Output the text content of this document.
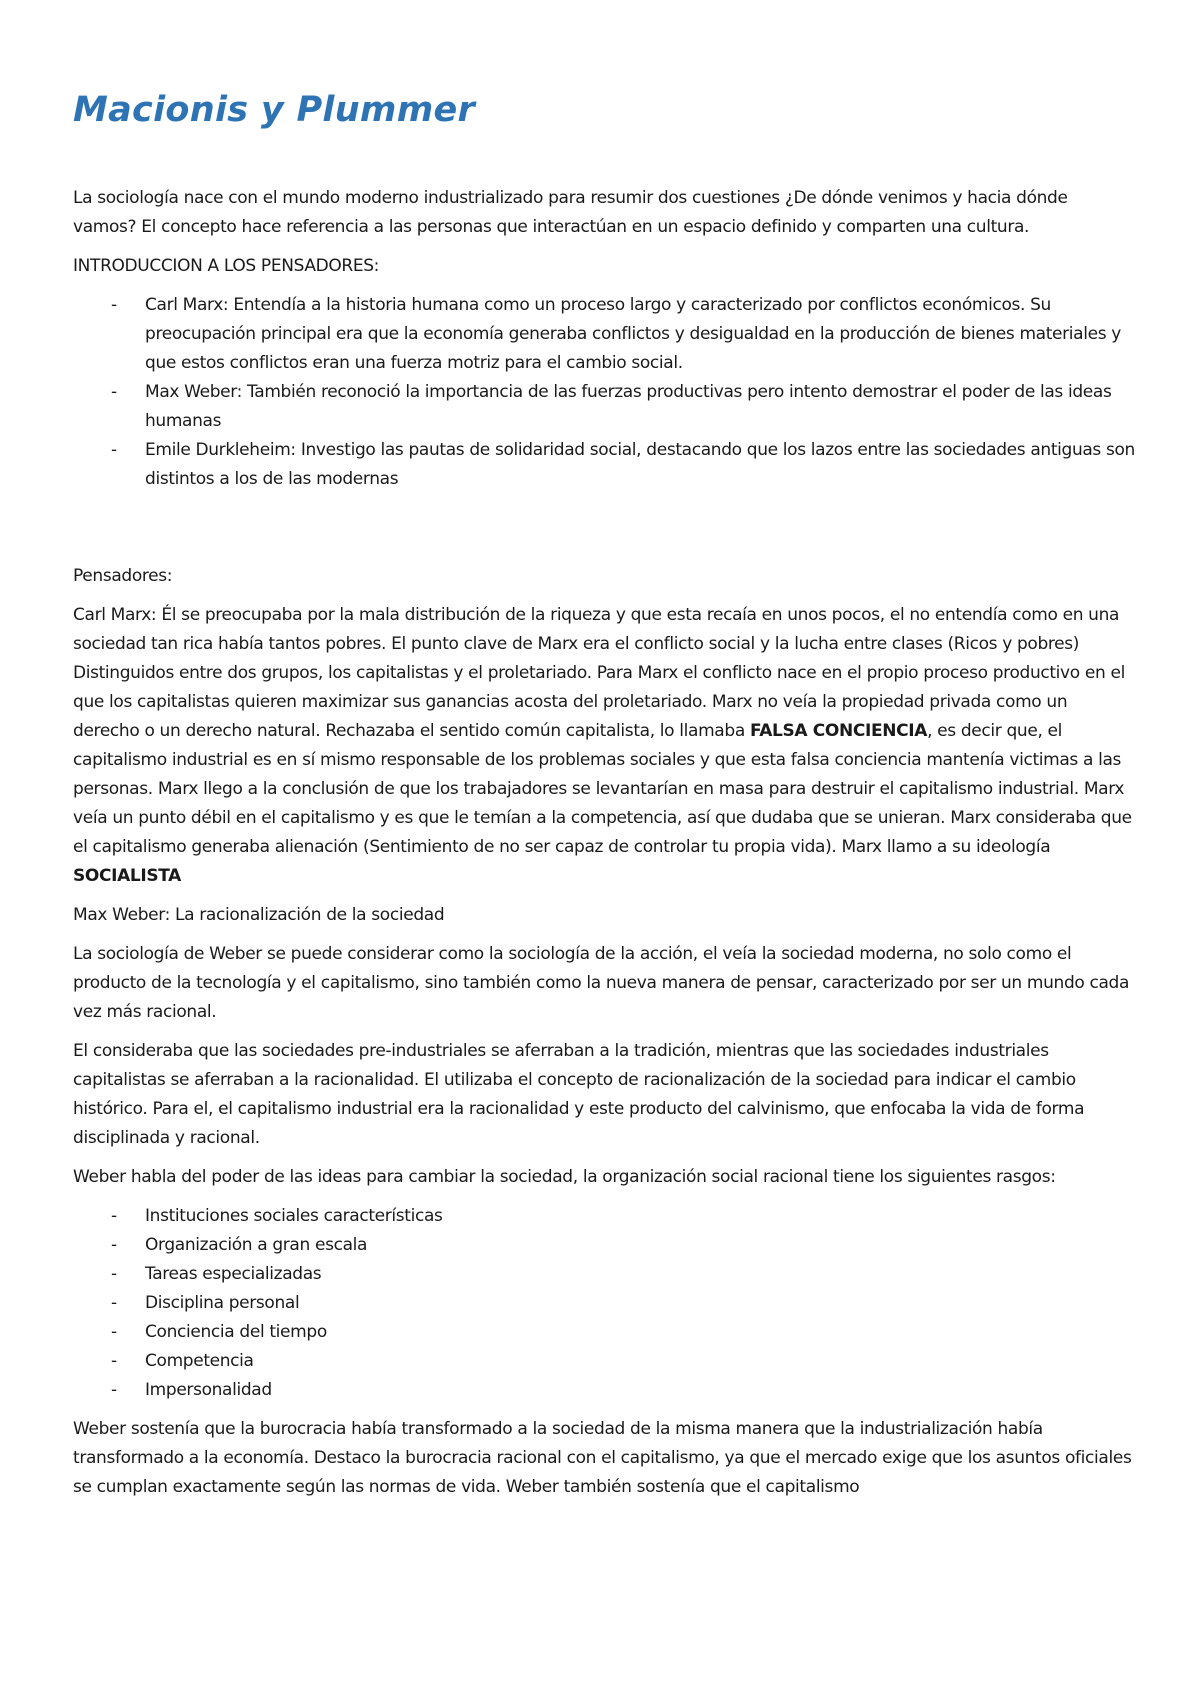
Macionis y Plummer

La sociología nace con el mundo moderno industrializado para resumir dos cuestiones ¿De dónde venimos y hacia dónde vamos? El concepto hace referencia a las personas que interactúan en un espacio definido y comparten una cultura.

INTRODUCCION A LOS PENSADORES:

- Carl Marx: Entendía a la historia humana como un proceso largo y caracterizado por conflictos económicos. Su preocupación principal era que la economía generaba conflictos y desigualdad en la producción de bienes materiales y que estos conflictos eran una fuerza motriz para el cambio social.
- Max Weber: También reconoció la importancia de las fuerzas productivas pero intento demostrar el poder de las ideas humanas
- Emile Durkleheim: Investigo las pautas de solidaridad social, destacando que los lazos entre las sociedades antiguas son distintos a los de las modernas

Pensadores:

Carl Marx: Él se preocupaba por la mala distribución de la riqueza y que esta recaía en unos pocos, el no entendía como en una sociedad tan rica había tantos pobres. El punto clave de Marx era el conflicto social y la lucha entre clases (Ricos y pobres) Distinguidos entre dos grupos, los capitalistas y el proletariado. Para Marx el conflicto nace en el propio proceso productivo en el que los capitalistas quieren maximizar sus ganancias acosta del proletariado. Marx no veía la propiedad privada como un derecho o un derecho natural. Rechazaba el sentido común capitalista, lo llamaba FALSA CONCIENCIA, es decir que, el capitalismo industrial es en sí mismo responsable de los problemas sociales y que esta falsa conciencia mantenía victimas a las personas. Marx llego a la conclusión de que los trabajadores se levantarían en masa para destruir el capitalismo industrial. Marx veía un punto débil en el capitalismo y es que le temían a la competencia, así que dudaba que se unieran. Marx consideraba que el capitalismo generaba alienación (Sentimiento de no ser capaz de controlar tu propia vida). Marx llamo a su ideología SOCIALISTA

Max Weber: La racionalización de la sociedad

La sociología de Weber se puede considerar como la sociología de la acción, el veía la sociedad moderna, no solo como el producto de la tecnología y el capitalismo, sino también como la nueva manera de pensar, caracterizado por ser un mundo cada vez más racional.

El consideraba que las sociedades pre-industriales se aferraban a la tradición, mientras que las sociedades industriales capitalistas se aferraban a la racionalidad. El utilizaba el concepto de racionalización de la sociedad para indicar el cambio histórico. Para el, el capitalismo industrial era la racionalidad y este producto del calvinismo, que enfocaba la vida de forma disciplinada y racional.

Weber habla del poder de las ideas para cambiar la sociedad, la organización social racional tiene los siguientes rasgos:

- Instituciones sociales características
- Organización a gran escala
- Tareas especializadas
- Disciplina personal
- Conciencia del tiempo
- Competencia
- Impersonalidad

Weber sostenía que la burocracia había transformado a la sociedad de la misma manera que la industrialización había transformado a la economía. Destaco la burocracia racional con el capitalismo, ya que el mercado exige que los asuntos oficiales se cumplan exactamente según las normas de vida. Weber también sostenía que el capitalismo
